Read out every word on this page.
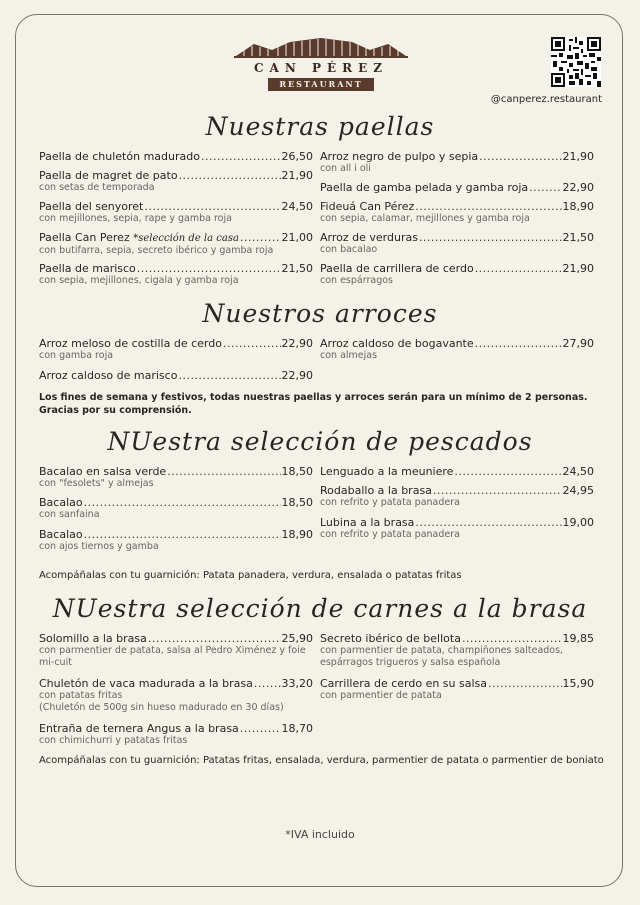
CAN PÉREZ
RESTAURANT
@canperez.restaurant
Nuestras paellas
Paella de chuletón madurado .....	26,50
Paella de magret de pato .....	21,90
con setas de temporada
Paella del senyoret .....	24,50
con mejillones, sepia, rape y gamba roja
Paella Can Perez
*selección de la casa .....	21,00
con butifarra, sepia, secreto ibérico y gamba roja
Paella de marisco .....	21,50
con sepia, mejillones, cigala y gamba roja
Arroz negro de pulpo y sepia .....	21,90
con all i oli
Paella de gamba pelada y gamba roja .....	22,90
Fideuá Can Pérez .....	18,90
con sepia, calamar, mejillones y gamba roja
Arroz de verduras .....	21,50
con bacalao
Paella de carrillera de cerdo .....	21,90
con espárragos
Nuestros arroces
Arroz meloso de costilla de cerdo .....	22,90
con gamba roja
Arroz caldoso de marisco .....	22,90
Arroz caldoso de bogavante .....	27,90
con almejas
Los fines de semana y festivos, todas nuestras paellas y arroces serán para un mínimo de 2 personas. Gracias por su comprensión.
NUestra selección de pescados
Bacalao en salsa verde .....	18,50
con "fesolets" y almejas
Bacalao .....	18,50
con sanfaina
Bacalao .....	18,90
con ajos tiernos y gamba
Lenguado a la meuniere .....	24,50
Rodaballo a la brasa .....	24,95
con refrito y patata panadera
Lubina a la brasa .....	19,00
con refrito y patata panadera
Acompáñalas con tu guarnición: Patata panadera, verdura, ensalada o patatas fritas
NUestra selección de carnes a la brasa
Solomillo a la brasa .....	25,90
con parmentier de patata, salsa al Pedro Ximénez y foie mi-cuit
Chuletón de vaca madurada a la brasa .....	33,20
con patatas fritas
(Chuletón de 500g sin hueso madurado en 30 días)
Entraña de ternera Angus a la brasa .....	18,70
con chimichurri y patatas fritas
Secreto ibérico de bellota .....	19,85
con parmentier de patata, champiñones salteados, espárragos trigueros y salsa española
Carrillera de cerdo en su salsa .....	15,90
con parmentier de patata
Acompáñalas con tu guarnición: Patatas fritas, ensalada, verdura, parmentier de patata o parmentier de boniato
*IVA incluido
